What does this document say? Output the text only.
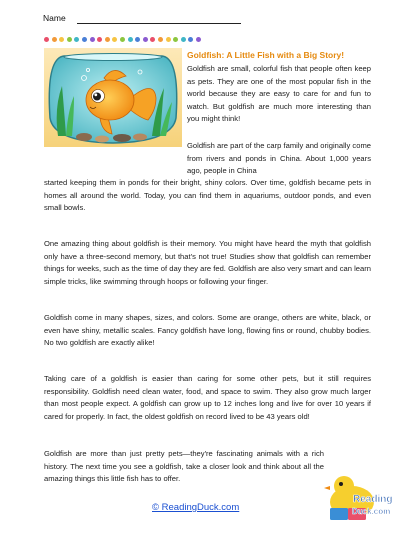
Name
Goldfish: A Little Fish with a Big Story!
Goldfish are small, colorful fish that people often keep as pets. They are one of the most popular fish in the world because they are easy to care for and fun to watch. But goldfish are much more interesting than you might think!
Goldfish are part of the carp family and originally come from rivers and ponds in China. About 1,000 years ago, people in China
started keeping them in ponds for their bright, shiny colors. Over time, goldfish became pets in homes all around the world. Today, you can find them in aquariums, outdoor ponds, and even small bowls.
One amazing thing about goldfish is their memory. You might have heard the myth that goldfish only have a three-second memory, but that's not true! Studies show that goldfish can remember things for weeks, such as the time of day they are fed. Goldfish are also very smart and can learn simple tricks, like swimming through hoops or following your finger.
Goldfish come in many shapes, sizes, and colors. Some are orange, others are white, black, or even have shiny, metallic scales. Fancy goldfish have long, flowing fins or round, chubby bodies. No two goldfish are exactly alike!
Taking care of a goldfish is easier than caring for some other pets, but it still requires responsibility. Goldfish need clean water, food, and space to swim. They also grow much larger than most people expect. A goldfish can grow up to 12 inches long and live for over 10 years if cared for properly. In fact, the oldest goldfish on record lived to be 43 years old!
Goldfish are more than just pretty pets—they're fascinating animals with a rich history. The next time you see a goldfish, take a closer look and think about all the amazing things this little fish has to offer.
© ReadingDuck.com
Reading
Duck.com
